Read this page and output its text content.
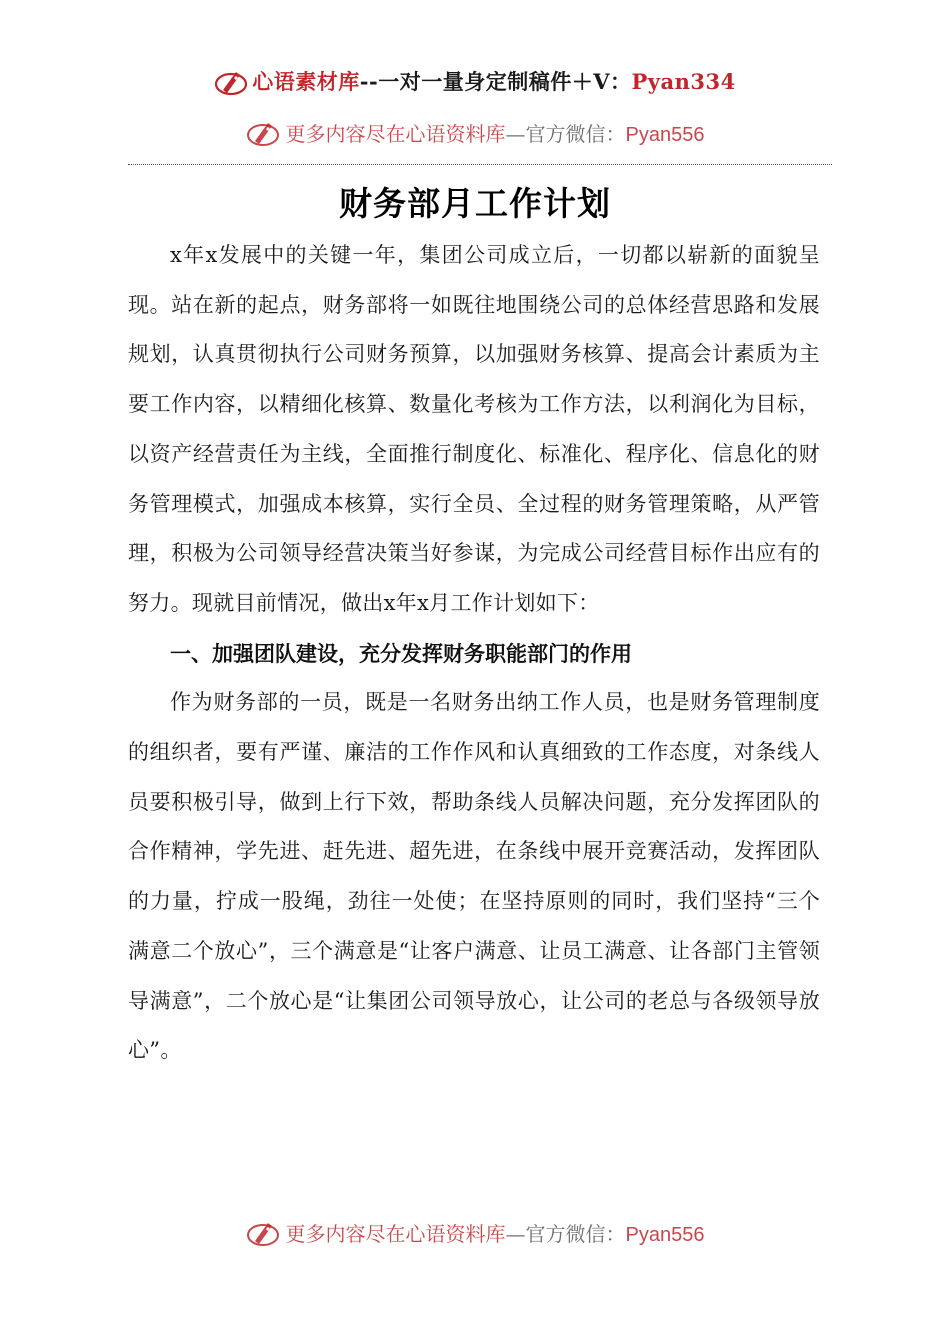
心语素材库--一对一量身定制稿件＋V：Pyan334
更多内容尽在心语资料库—官方微信：Pyan556
财务部月工作计划

x年x发展中的关键一年，集团公司成立后，一切都以崭新的面貌呈现。站在新的起点，财务部将一如既往地围绕公司的总体经营思路和发展规划，认真贯彻执行公司财务预算，以加强财务核算、提高会计素质为主要工作内容，以精细化核算、数量化考核为工作方法，以利润化为目标，以资产经营责任为主线，全面推行制度化、标准化、程序化、信息化的财务管理模式，加强成本核算，实行全员、全过程的财务管理策略，从严管理，积极为公司领导经营决策当好参谋，为完成公司经营目标作出应有的努力。现就目前情况，做出x年x月工作计划如下：

一、加强团队建设，充分发挥财务职能部门的作用

作为财务部的一员，既是一名财务出纳工作人员，也是财务管理制度的组织者，要有严谨、廉洁的工作作风和认真细致的工作态度，对条线人员要积极引导，做到上行下效，帮助条线人员解决问题，充分发挥团队的合作精神，学先进、赶先进、超先进，在条线中展开竞赛活动，发挥团队的力量，拧成一股绳，劲往一处使；在坚持原则的同时，我们坚持“三个满意二个放心”，三个满意是“让客户满意、让员工满意、让各部门主管领导满意”，二个放心是“让集团公司领导放心，让公司的老总与各级领导放心”。

更多内容尽在心语资料库—官方微信：Pyan556
